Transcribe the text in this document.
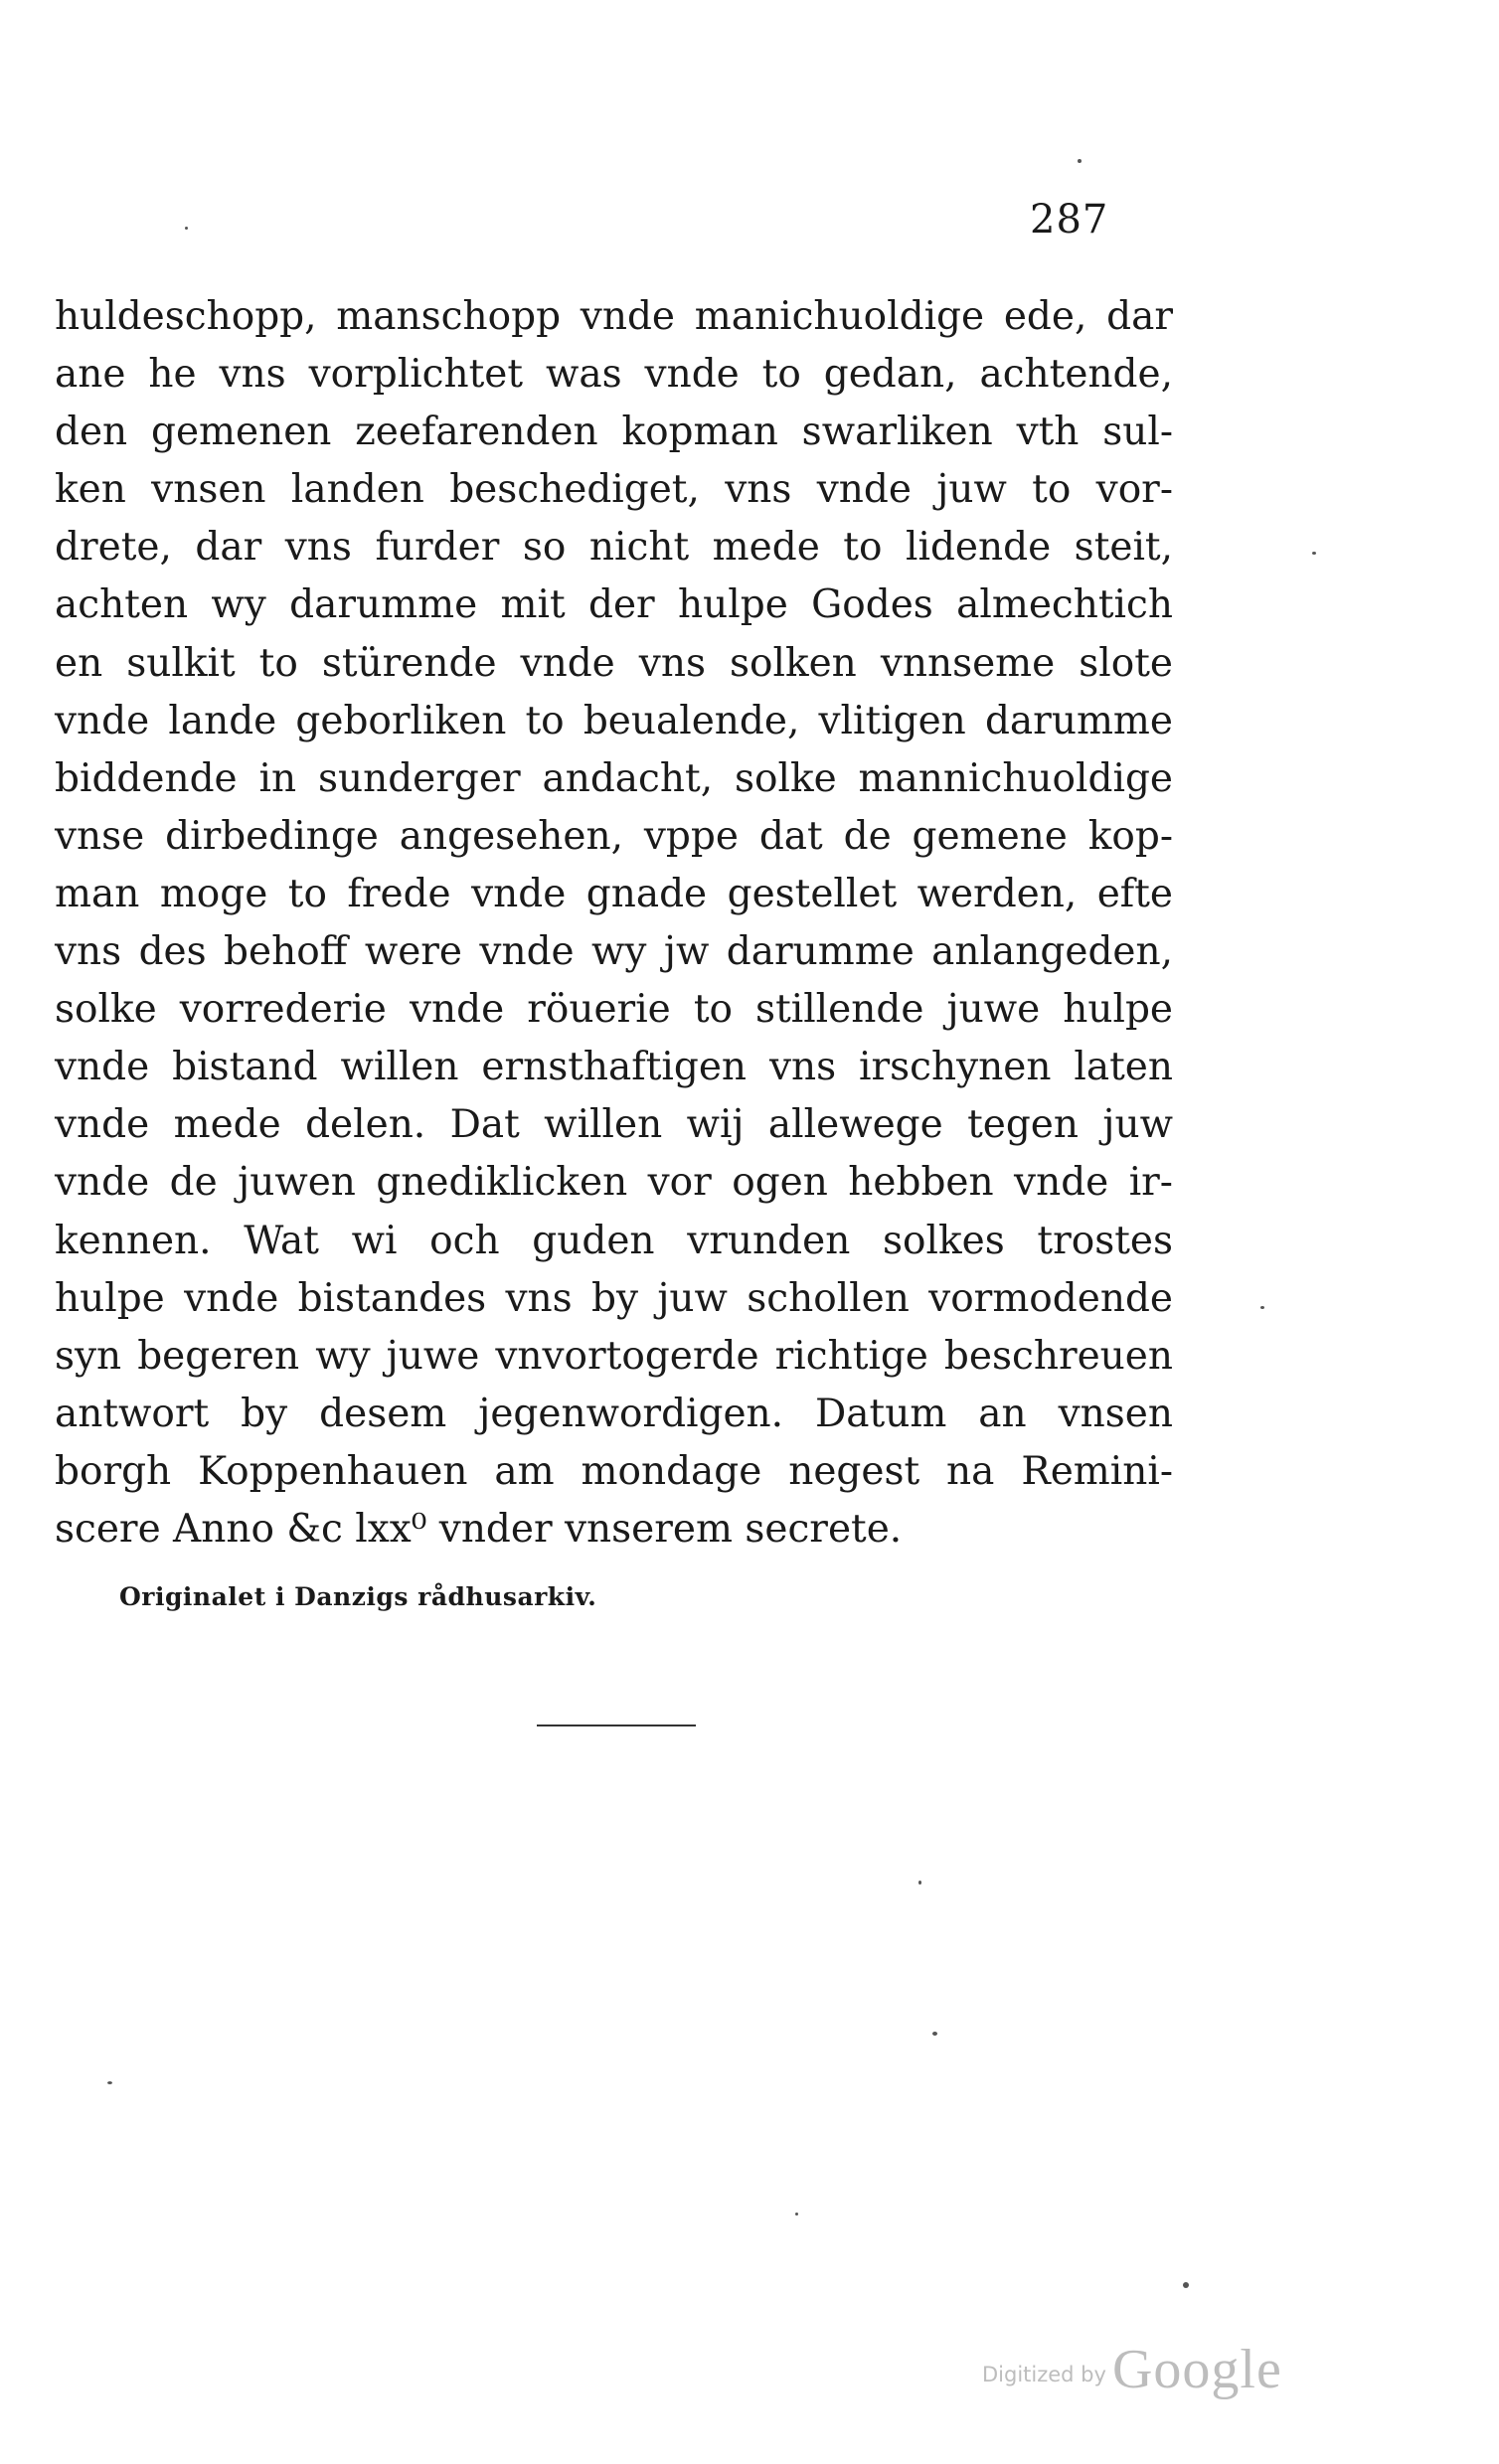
287
huldeschopp, manschopp vnde manichuoldige ede, dar
ane he vns vorplichtet was vnde to gedan, achtende,
den gemenen zeefarenden kopman swarliken vth sul-
ken vnsen landen beschediget, vns vnde juw to vor-
drete, dar vns furder so nicht mede to lidende steit,
achten wy darumme mit der hulpe Godes almechtich
en sulkit to stürende vnde vns solken vnnseme slote
vnde lande geborliken to beualende, vlitigen darumme
biddende in sunderger andacht, solke mannichuoldige
vnse dirbedinge angesehen, vppe dat de gemene kop-
man moge to frede vnde gnade gestellet werden, efte
vns des behoff were vnde wy jw darumme anlangeden,
solke vorrederie vnde röuerie to stillende juwe hulpe
vnde bistand willen ernsthaftigen vns irschynen laten
vnde mede delen. Dat willen wij allewege tegen juw
vnde de juwen gnediklicken vor ogen hebben vnde ir-
kennen. Wat wi och guden vrunden solkes trostes
hulpe vnde bistandes vns by juw schollen vormodende
syn begeren wy juwe vnvortogerde richtige beschreuen
antwort by desem jegenwordigen. Datum an vnsen
borgh Koppenhauen am mondage negest na Remini-
scere Anno &c lxx⁰ vnder vnserem secrete.
Originalet i Danzigs rådhusarkiv.
Digitized by Google
